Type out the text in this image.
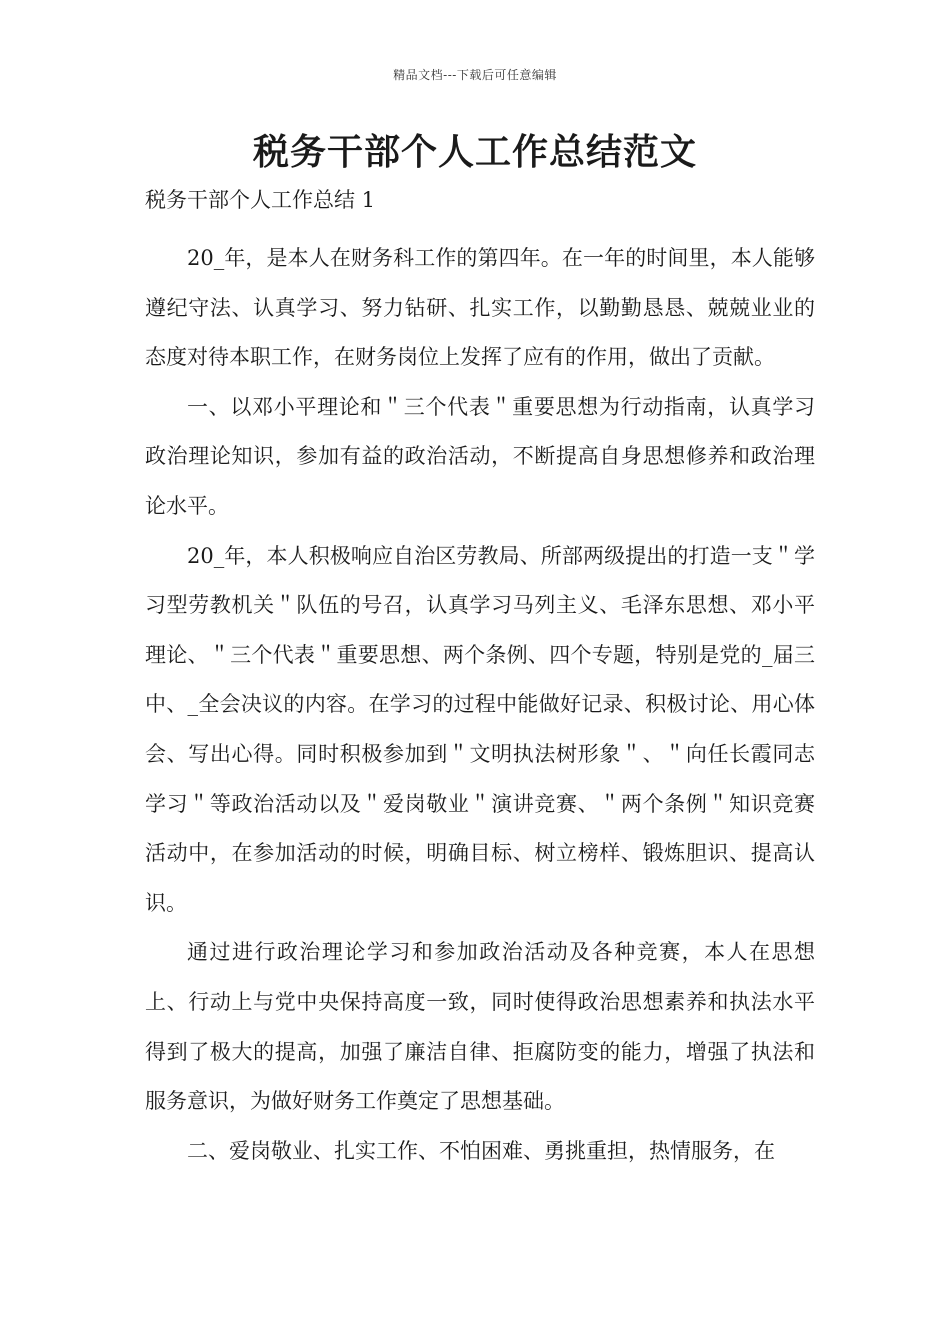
精品文档---下载后可任意编辑
税务干部个人工作总结范文

税务干部个人工作总结 1

20_年，是本人在财务科工作的第四年。在一年的时间里，本人能够遵纪守法、认真学习、努力钻研、扎实工作，以勤勤恳恳、兢兢业业的态度对待本职工作，在财务岗位上发挥了应有的作用，做出了贡献。

一、以邓小平理论和＂三个代表＂重要思想为行动指南，认真学习政治理论知识，参加有益的政治活动，不断提高自身思想修养和政治理论水平。

20_年，本人积极响应自治区劳教局、所部两级提出的打造一支＂学习型劳教机关＂队伍的号召，认真学习马列主义、毛泽东思想、邓小平理论、＂三个代表＂重要思想、两个条例、四个专题，特别是党的_届三中、_全会决议的内容。在学习的过程中能做好记录、积极讨论、用心体会、写出心得。同时积极参加到＂文明执法树形象＂、＂向任长霞同志学习＂等政治活动以及＂爱岗敬业＂演讲竞赛、＂两个条例＂知识竞赛活动中，在参加活动的时候，明确目标、树立榜样、锻炼胆识、提高认识。

通过进行政治理论学习和参加政治活动及各种竞赛，本人在思想上、行动上与党中央保持高度一致，同时使得政治思想素养和执法水平得到了极大的提高，加强了廉洁自律、拒腐防变的能力，增强了执法和服务意识，为做好财务工作奠定了思想基础。

二、爱岗敬业、扎实工作、不怕困难、勇挑重担，热情服务，在
